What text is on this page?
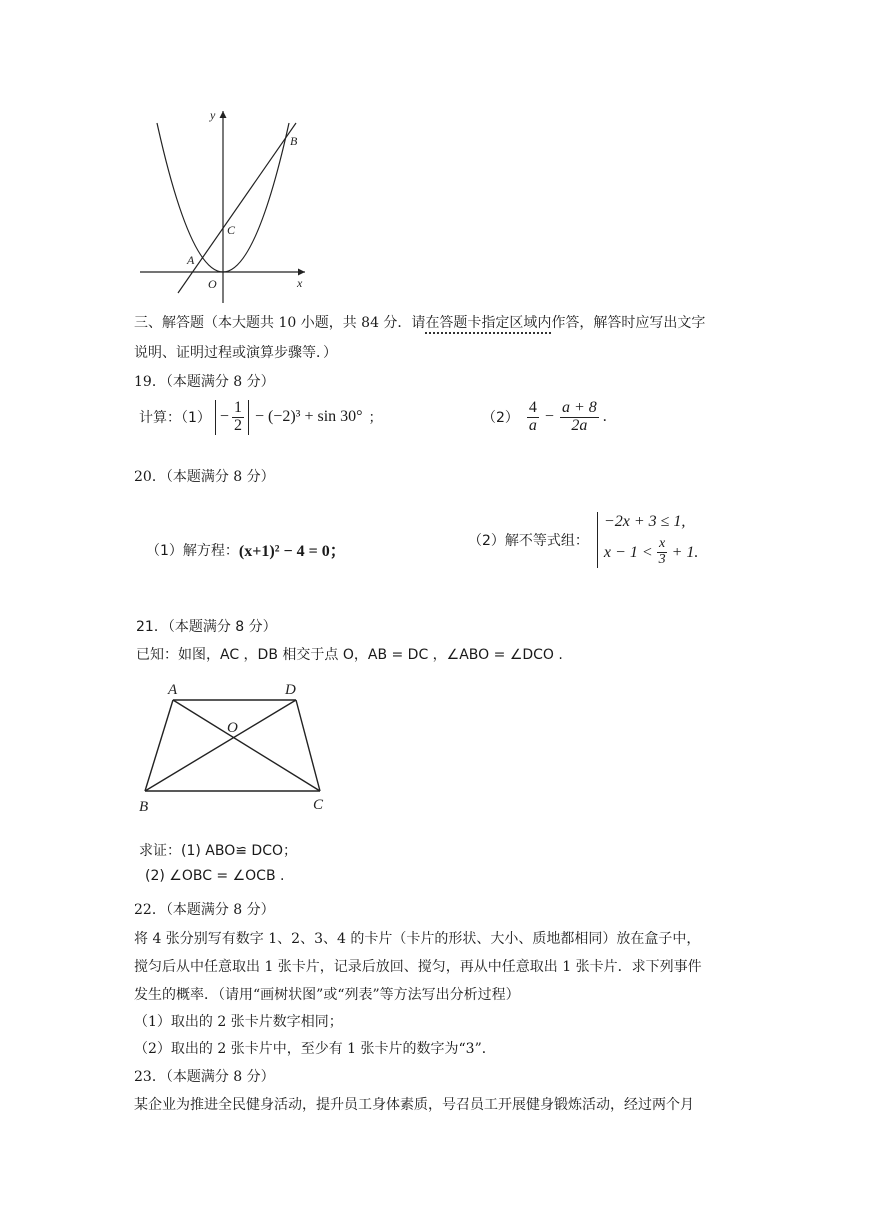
y
x
O
A
B
C
三、解答题（本大题共 10 小题，共 84 分．请在答题卡指定区域内作答，解答时应写出文字
说明、证明过程或演算步骤等．）
19．（本题满分 8 分）
计算：$(1) - \frac{1}{2} - (-2)^3 + \sin 30^\circ$ ；	$(2) \frac{4}{a} - \frac{a + 8}{2a}$ .
20．（本题满分 8 分）
（1）解方程： (x+1)² − 4 = 0；
（2）解不等式组：
−2x + 3 ≤ 1,
$x - 1 < \frac{x}{3} + 1$.
21．（本题满分 8 分）
已知：如图，AC ，DB 相交于点 O，AB = DC ，∠ABO = ∠DCO .
A	D
O
B	C
求证：(1) ABO≌ DCO；
(2) ∠OBC = ∠OCB .
22．（本题满分 8 分）
将 4 张分别写有数字 1、2、3、4 的卡片（卡片的形状、大小、质地都相同）放在盒子中，
搅匀后从中任意取出 1 张卡片，记录后放回、搅匀，再从中任意取出 1 张卡片．求下列事件
发生的概率．（请用“画树状图”或“列表”等方法写出分析过程）
（1）取出的 2 张卡片数字相同；
（2）取出的 2 张卡片中，至少有 1 张卡片的数字为“3”．
23．（本题满分 8 分）
某企业为推进全民健身活动，提升员工身体素质，号召员工开展健身锻炼活动，经过两个月
